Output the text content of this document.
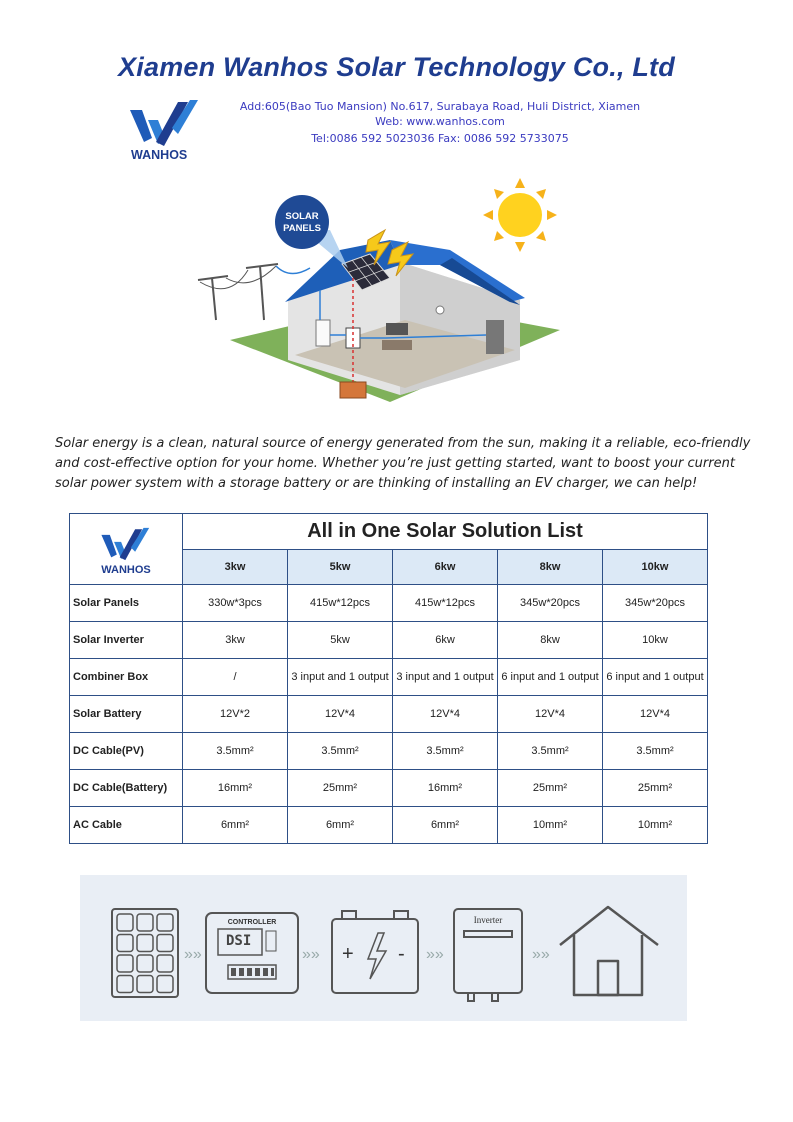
Xiamen Wanhos Solar Technology Co., Ltd
WANHOS
Add:605(Bao Tuo Mansion) No.617, Surabaya Road, Huli District, Xiamen
Web: www.wanhos.com
Tel:0086 592 5023036 Fax: 0086 592 5733075
SOLAR
PANELS

Solar energy is a clean, natural source of energy generated from the sun, making it a reliable, eco-friendly

and cost-effective option for your home. Whether you’re just getting started, want to boost your current

solar power system with a storage battery or are thinking of installing an EV charger, we can help!

WANHOS	All in One Solar Solution List				
	3kw	5kw	6kw	8kw	10kw
Solar Panels	330w*3pcs	415w*12pcs	415w*12pcs	345w*20pcs	345w*20pcs
Solar Inverter	3kw	5kw	6kw	8kw	10kw
Combiner Box	/	3 input and 1 output	3 input and 1 output	6 input and 1 output	6 input and 1 output
Solar Battery	12V*2	12V*4	12V*4	12V*4	12V*4
DC Cable(PV)	3.5mm²	3.5mm²	3.5mm²	3.5mm²	3.5mm²
DC Cable(Battery)	16mm²	25mm²	16mm²	25mm²	25mm²
AC Cable	6mm²	6mm²	6mm²	10mm²	10mm²
»»
DSI
»»	»»	»»
CONTROLLER
+ -
Inverter
